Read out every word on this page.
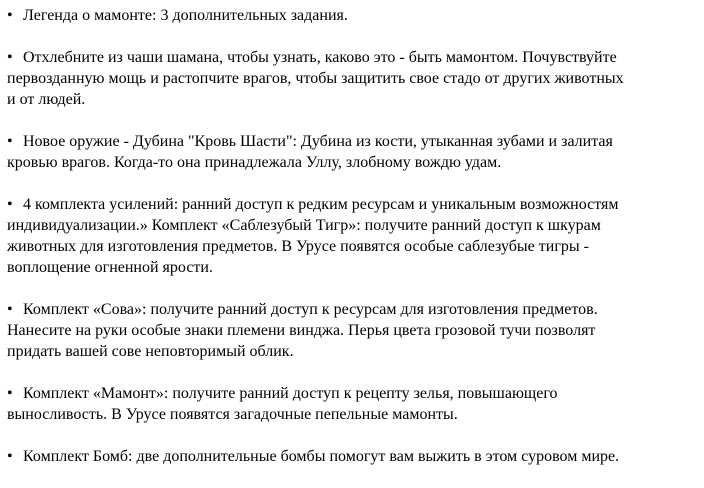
• Легенда о мамонте: 3 дополнительных задания.
• Отхлебните из чаши шамана, чтобы узнать, каково это - быть мамонтом. Почувствуйте
первозданную мощь и растопчите врагов, чтобы защитить свое стадо от других животных
и от людей.
• Новое оружие - Дубина "Кровь Шасти": Дубина из кости, утыканная зубами и залитая
кровью врагов. Когда-то она принадлежала Уллу, злобному вождю удам.
• 4 комплекта усилений: ранний доступ к редким ресурсам и уникальным возможностям
индивидуализации.» Комплект «Саблезубый Тигр»: получите ранний доступ к шкурам
животных для изготовления предметов. В Урусе появятся особые саблезубые тигры -
воплощение огненной ярости.
• Комплект «Сова»: получите ранний доступ к ресурсам для изготовления предметов.
Нанесите на руки особые знаки племени винджа. Перья цвета грозовой тучи позволят
придать вашей сове неповторимый облик.
• Комплект «Мамонт»: получите ранний доступ к рецепту зелья, повышающего
выносливость. В Урусе появятся загадочные пепельные мамонты.
• Комплект Бомб: две дополнительные бомбы помогут вам выжить в этом суровом мире.
